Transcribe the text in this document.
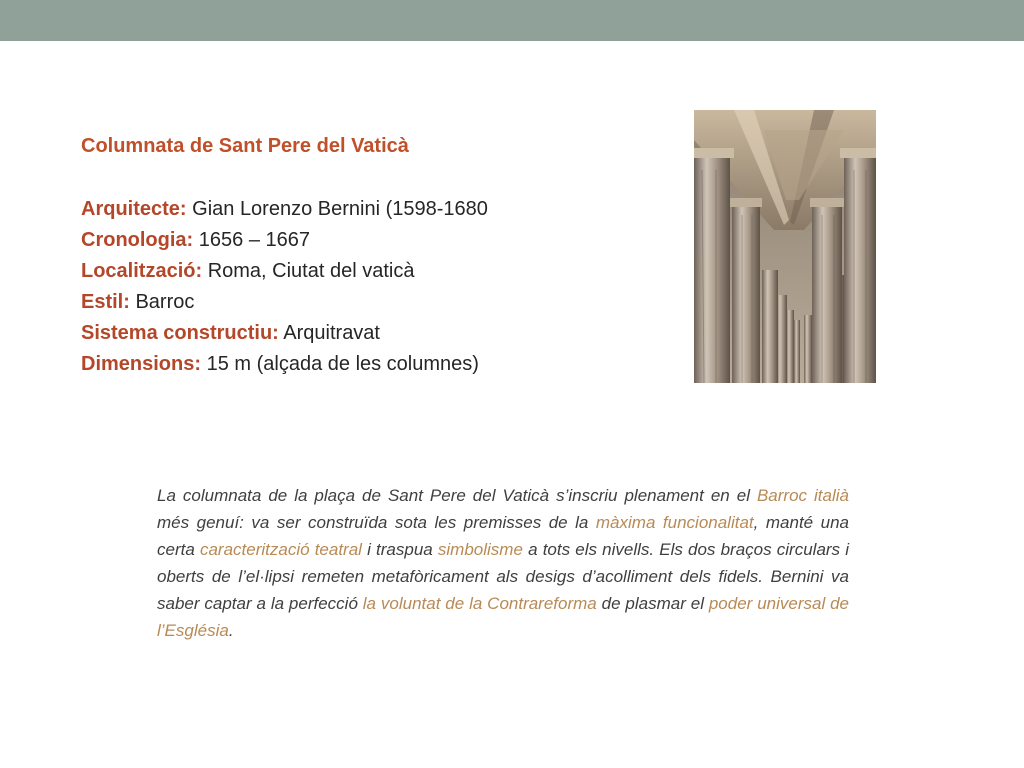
Columnata de Sant Pere del Vaticà
Arquitecte: Gian Lorenzo Bernini (1598-1680
Cronologia: 1656 – 1667
Localització: Roma, Ciutat del vaticà
Estil: Barroc
Sistema constructiu: Arquitravat
Dimensions: 15 m (alçada de les columnes)

La columnata de la plaça de Sant Pere del Vaticà s’inscriu plenament en el Barroc italià més genuí: va ser construïda sota les premisses de la màxima funcionalitat, manté una certa caracterització teatral i traspua simbolisme a tots els nivells. Els dos braços circulars i oberts de l’el·lipsi remeten metafòricament als desigs d’acolliment dels fidels. Bernini va saber captar a la perfecció la voluntat de la Contrareforma de plasmar el poder universal de l’Església.
